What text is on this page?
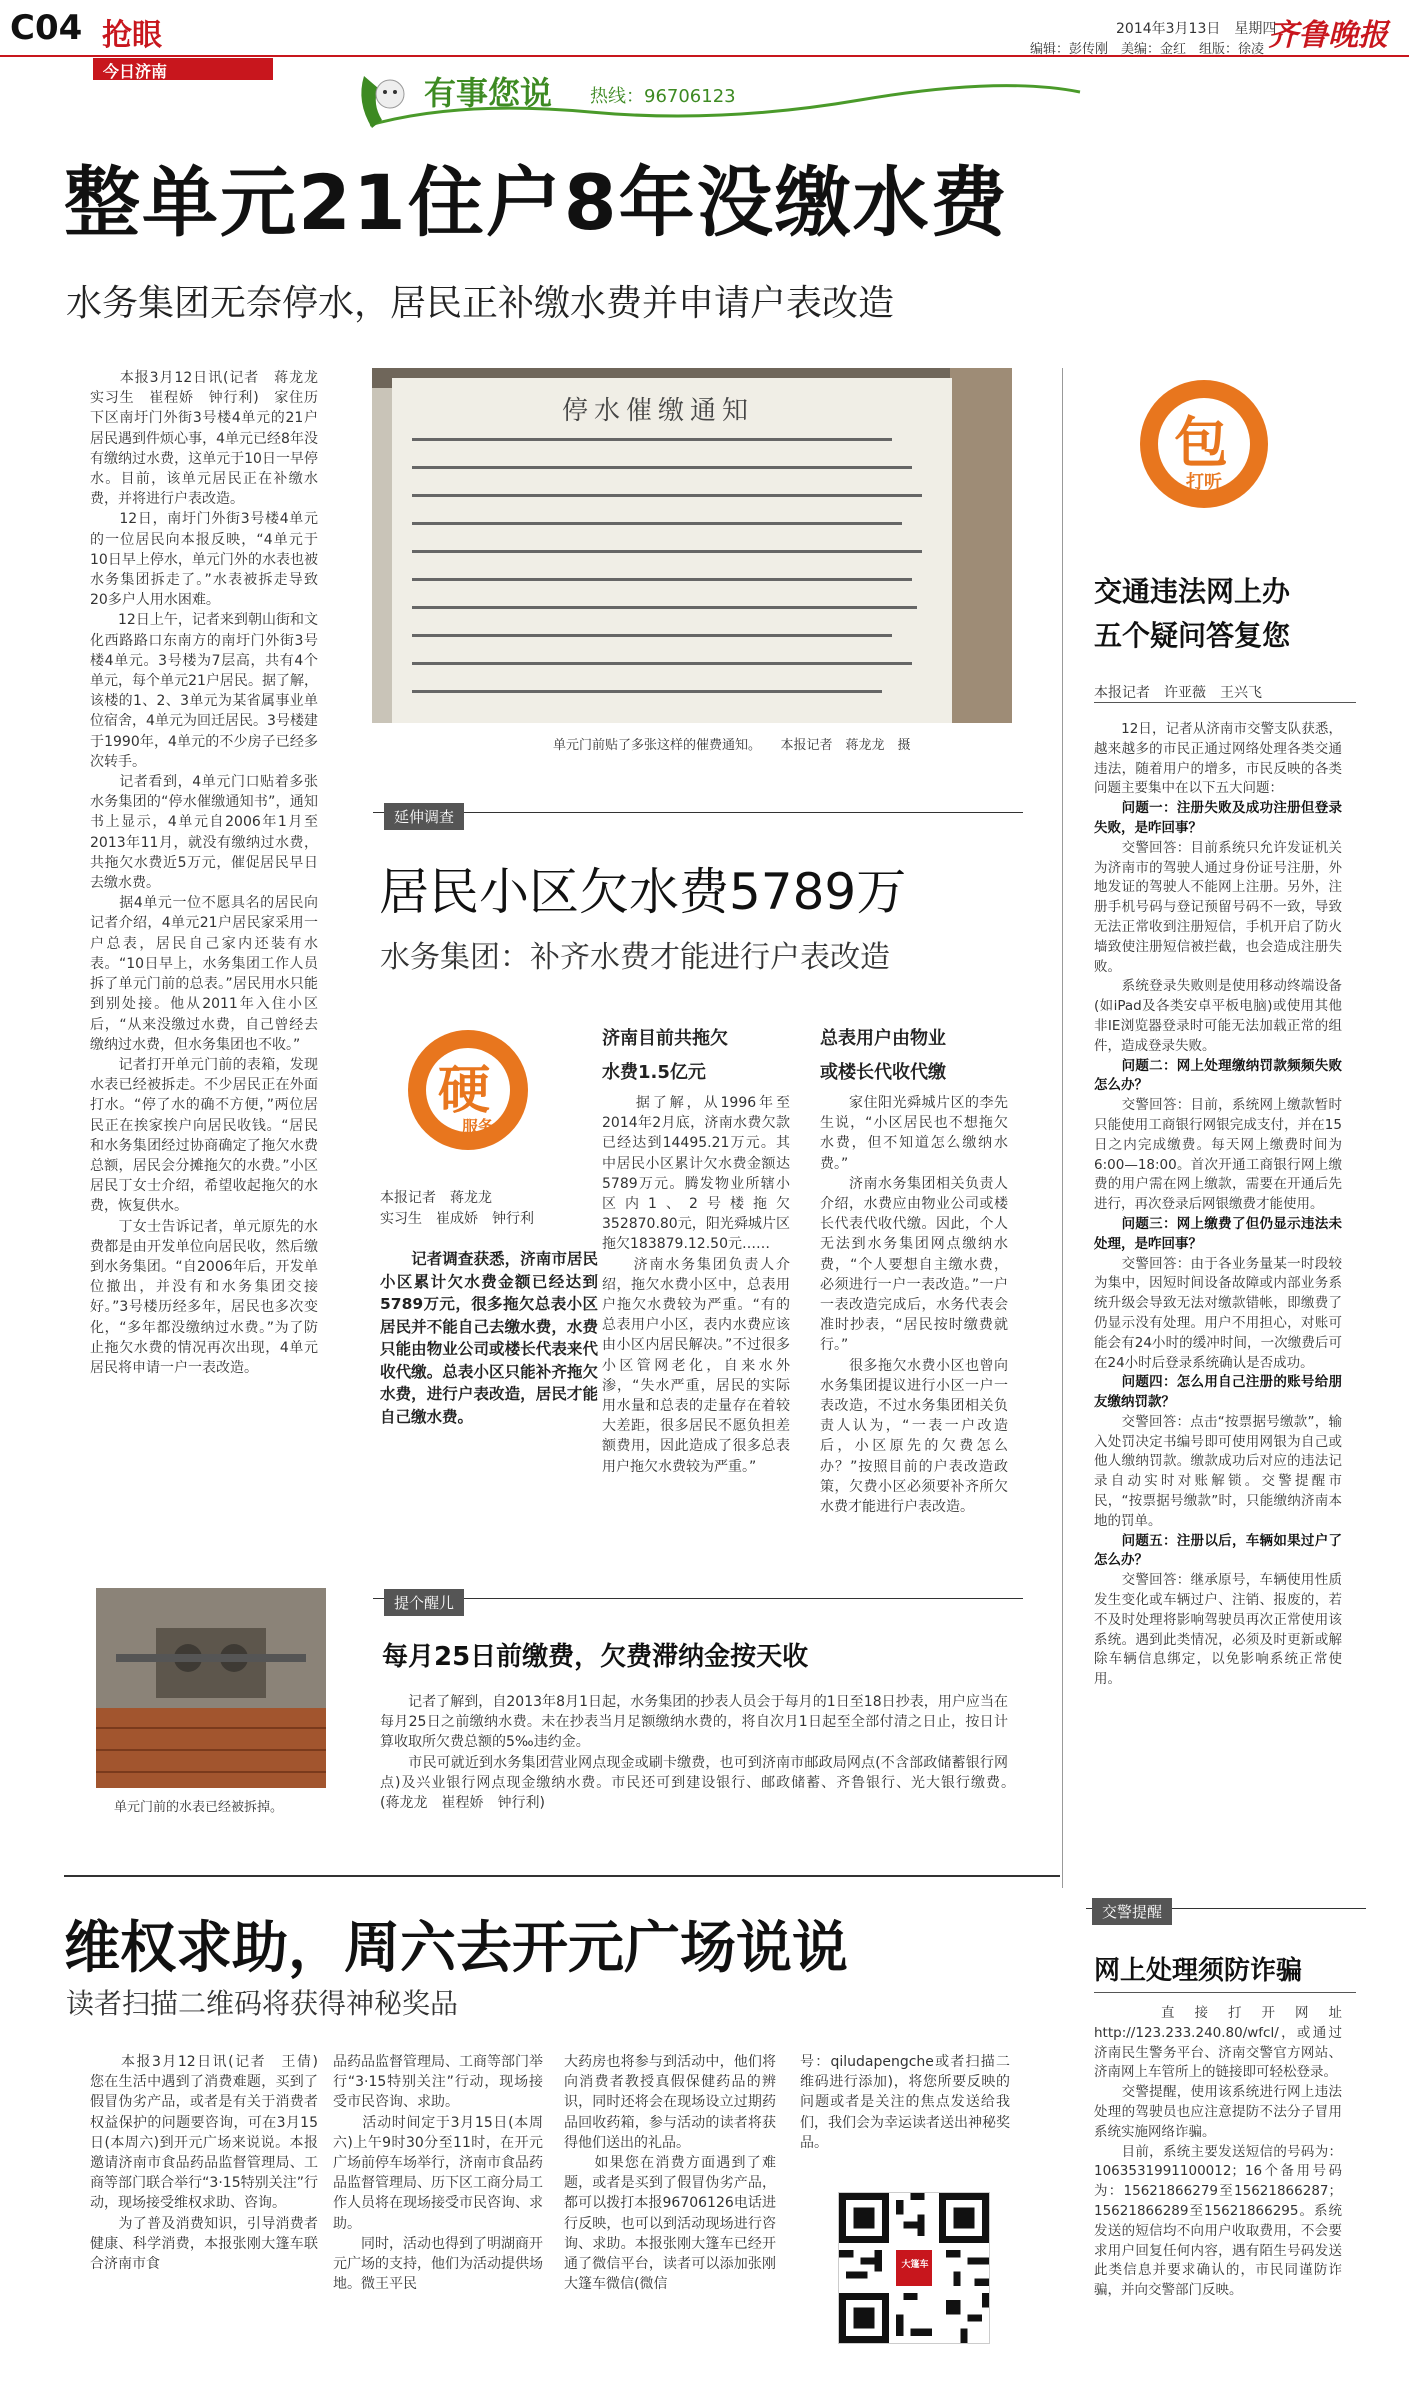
C04 抢眼
今日济南
2014年3月13日　 星期四
编辑：彭传刚　美编：金红　组版：徐凌 齐鲁晚报
有事您说 热线：96706123
整单元21住户8年没缴水费
水务集团无奈停水，居民正补缴水费并申请户表改造

　　本报3月12日讯(记者　蒋龙龙　实习生　崔程娇　钟行利)　家住历下区南圩门外街3号楼4单元的21户居民遇到件烦心事，4单元已经8年没有缴纳过水费，这单元于10日一早停水。目前，该单元居民正在补缴水费，并将进行户表改造。
　　12日，南圩门外街3号楼4单元的一位居民向本报反映，“4单元于10日早上停水，单元门外的水表也被水务集团拆走了。”水表被拆走导致20多户人用水困难。
　　12日上午，记者来到朝山街和文化西路路口东南方的南圩门外街3号楼4单元。3号楼为7层高，共有4个单元，每个单元21户居民。据了解，该楼的1、2、3单元为某省属事业单位宿舍，4单元为回迁居民。3号楼建于1990年，4单元的不少房子已经多次转手。
　　记者看到，4单元门口贴着多张水务集团的“停水催缴通知书”，通知书上显示，4单元自2006年1月至2013年11月，就没有缴纳过水费，共拖欠水费近5万元，催促居民早日去缴水费。
　　据4单元一位不愿具名的居民向记者介绍，4单元21户居民家采用一户总表，居民自己家内还装有水表。“10日早上，水务集团工作人员拆了单元门前的总表。”居民用水只能到别处接。他从2011年入住小区后，“从来没缴过水费，自己曾经去缴纳过水费，但水务集团也不收。”
　　记者打开单元门前的表箱，发现水表已经被拆走。不少居民正在外面打水。“停了水的确不方便，”两位居民正在挨家挨户向居民收钱。“居民和水务集团经过协商确定了拖欠水费总额，居民会分摊拖欠的水费。”小区居民丁女士介绍，希望收起拖欠的水费，恢复供水。
　　丁女士告诉记者，单元原先的水费都是由开发单位向居民收，然后缴到水务集团。“自2006年后，开发单位撤出，并没有和水务集团交接好。”3号楼历经多年，居民也多次变化，“多年都没缴纳过水费。”为了防止拖欠水费的情况再次出现，4单元居民将申请一户一表改造。

停水催缴通知
单元门前贴了多张这样的催费通知。　　本报记者　蒋龙龙　摄
单元门前的水表已经被拆掉。
延伸调查
居民小区欠水费5789万
水务集团：补齐水费才能进行户表改造
硬
服务
本报记者　蒋龙龙
实习生　崔成娇　钟行利

　　记者调查获悉，济南市居民小区累计欠水费金额已经达到5789万元，很多拖欠总表小区居民并不能自己去缴水费，水费只能由物业公司或楼长代表来代收代缴。总表小区只能补齐拖欠水费，进行户表改造，居民才能自己缴水费。

济南目前共拖欠
水费1.5亿元

　　据了解，从1996年至2014年2月底，济南水费欠款已经达到14495.21万元。其中居民小区累计欠水费金额达5789万元。腾发物业所辖小区内1、2号楼拖欠352870.80元，阳光舜城片区拖欠183879.12.50元……
　　济南水务集团负责人介绍，拖欠水费小区中，总表用户拖欠水费较为严重。“有的总表用户小区，表内水费应该由小区内居民解决。”不过很多小区管网老化，自来水外渗，“失水严重，居民的实际用水量和总表的走量存在着较大差距，很多居民不愿负担差额费用，因此造成了很多总表用户拖欠水费较为严重。”

总表用户由物业
或楼长代收代缴

　　家住阳光舜城片区的李先生说，“小区居民也不想拖欠水费，但不知道怎么缴纳水费。”
　　济南水务集团相关负责人介绍，水费应由物业公司或楼长代表代收代缴。因此，个人无法到水务集团网点缴纳水费，“个人要想自主缴水费，必须进行一户一表改造。”一户一表改造完成后，水务代表会准时抄表，“居民按时缴费就行。”
　　很多拖欠水费小区也曾向水务集团提议进行小区一户一表改造，不过水务集团相关负责人认为，“一表一户改造后，小区原先的欠费怎么办？”按照目前的户表改造政策，欠费小区必须要补齐所欠水费才能进行户表改造。

提个醒儿
每月25日前缴费，欠费滞纳金按天收

　　记者了解到，自2013年8月1日起，水务集团的抄表人员会于每月的1日至18日抄表，用户应当在每月25日之前缴纳水费。未在抄表当月足额缴纳水费的，将自次月1日起至全部付清之日止，按日计算收取所欠费总额的5‰违约金。
　　市民可就近到水务集团营业网点现金或刷卡缴费，也可到济南市邮政局网点(不含部政储蓄银行网点)及兴业银行网点现金缴纳水费。市民还可到建设银行、邮政储蓄、齐鲁银行、光大银行缴费。　　(蒋龙龙　崔程娇　钟行利)

包
打听
交通违法网上办
五个疑问答复您
本报记者　许亚薇　王兴飞

　　12日，记者从济南市交警支队获悉，越来越多的市民正通过网络处理各类交通违法，随着用户的增多，市民反映的各类问题主要集中在以下五大问题：

　　问题一：注册失败及成功注册但登录失败，是咋回事？

　　交警回答：目前系统只允许发证机关为济南市的驾驶人通过身份证号注册，外地发证的驾驶人不能网上注册。另外，注册手机号码与登记预留号码不一致，导致无法正常收到注册短信，手机开启了防火墙致使注册短信被拦截，也会造成注册失败。
　　系统登录失败则是使用移动终端设备(如iPad及各类安卓平板电脑)或使用其他非IE浏览器登录时可能无法加载正常的组件，造成登录失败。

　　问题二：网上处理缴纳罚款频频失败怎么办？

　　交警回答：目前，系统网上缴款暂时只能使用工商银行网银完成支付，并在15日之内完成缴费。每天网上缴费时间为6:00—18:00。首次开通工商银行网上缴费的用户需在网上缴款，需要在开通后先进行，再次登录后网银缴费才能使用。

　　问题三：网上缴费了但仍显示违法未处理，是咋回事？

　　交警回答：由于各业务量某一时段较为集中，因短时间设备故障或内部业务系统升级会导致无法对缴款错帐，即缴费了仍显示没有处理。用户不用担心，对账可能会有24小时的缓冲时间，一次缴费后可在24小时后登录系统确认是否成功。

　　问题四：怎么用自己注册的账号给朋友缴纳罚款？

　　交警回答：点击“按票据号缴款”，输入处罚决定书编号即可使用网银为自己或他人缴纳罚款。缴款成功后对应的违法记录自动实时对账解锁。交警提醒市民，“按票据号缴款”时，只能缴纳济南本地的罚单。

　　问题五：注册以后，车辆如果过户了怎么办？

　　交警回答：继承原号，车辆使用性质发生变化或车辆过户、注销、报废的，若不及时处理将影响驾驶员再次正常使用该系统。遇到此类情况，必须及时更新或解除车辆信息绑定，以免影响系统正常使用。

交警提醒
网上处理须防诈骗

　　直接打开网址http://123.233.240.80/wfcl/，或通过济南民生警务平台、济南交警官方网站、济南网上车管所上的链接即可轻松登录。
　　交警提醒，使用该系统进行网上违法处理的驾驶员也应注意提防不法分子冒用系统实施网络诈骗。
　　目前，系统主要发送短信的号码为：1063531991100012；16个备用号码为：15621866279至15621866287；15621866289至15621866295。系统发送的短信均不向用户收取费用，不会要求用户回复任何内容，遇有陌生号码发送此类信息并要求确认的，市民同谨防诈骗，并向交警部门反映。

维权求助，周六去开元广场说说
读者扫描二维码将获得神秘奖品

　　本报3月12日讯(记者　王倩)　您在生活中遇到了消费难题，买到了假冒伪劣产品，或者是有关于消费者权益保护的问题要咨询，可在3月15日(本周六)到开元广场来说说。本报邀请济南市食品药品监督管理局、工商等部门联合举行“3·15特别关注”行动，现场接受维权求助、咨询。
　　为了普及消费知识，引导消费者健康、科学消费，本报张刚大篷车联合济南市食

品药品监督管理局、工商等部门举行“3·15特别关注”行动，现场接受市民咨询、求助。
　　活动时间定于3月15日(本周六)上午9时30分至11时，在开元广场前停车场举行，济南市食品药品监督管理局、历下区工商分局工作人员将在现场接受市民咨询、求助。
　　同时，活动也得到了明湖商开元广场的支持，他们为活动提供场地。微王平民

大药房也将参与到活动中，他们将向消费者教授真假保健药品的辨识，同时还将会在现场设立过期药品回收药箱，参与活动的读者将获得他们送出的礼品。
　　如果您在消费方面遇到了难题，或者是买到了假冒伪劣产品，都可以拨打本报96706126电话进行反映，也可以到活动现场进行咨询、求助。本报张刚大篷车已经开通了微信平台，读者可以添加张刚大篷车微信(微信

号：qiludapengche或者扫描二维码进行添加)，将您所要反映的问题或者是关注的焦点发送给我们，我们会为幸运读者送出神秘奖品。

大篷车
